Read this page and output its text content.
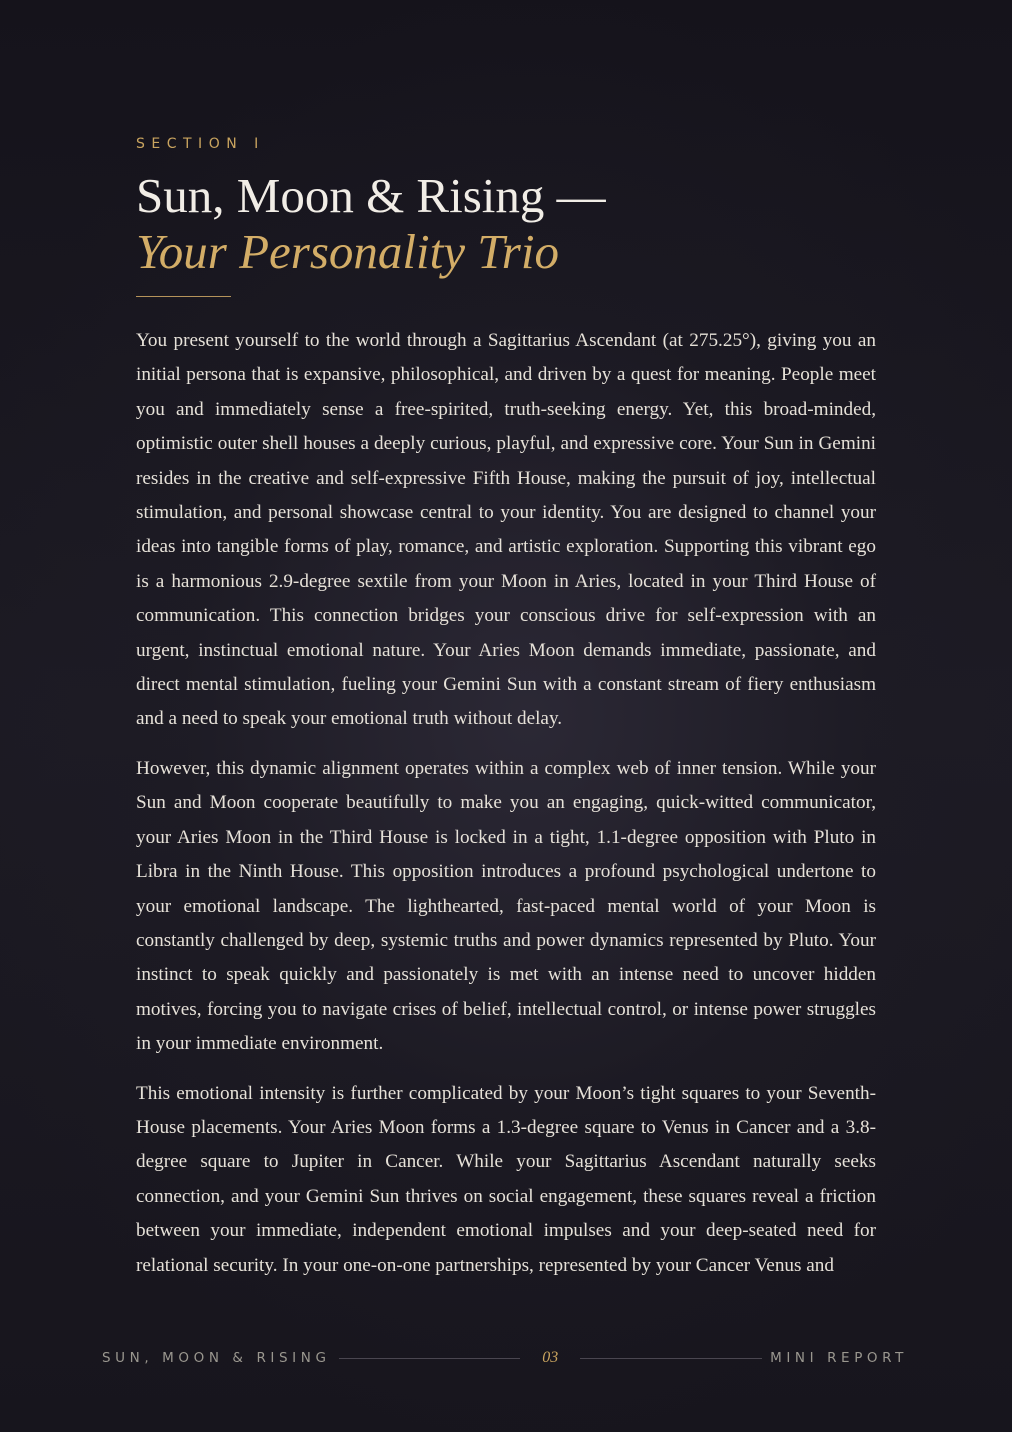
SECTION I
Sun, Moon & Rising —
Your Personality Trio

You present yourself to the world through a Sagittarius Ascendant (at 275.25°), giving you an initial persona that is expansive, philosophical, and driven by a quest for meaning. People meet you and immediately sense a free-spirited, truth-seeking energy. Yet, this broad-minded, optimistic outer shell houses a deeply curious, playful, and expressive core. Your Sun in Gemini resides in the creative and self-expressive Fifth House, making the pursuit of joy, intellectual stimulation, and personal showcase central to your identity. You are designed to channel your ideas into tangible forms of play, romance, and artistic exploration. Supporting this vibrant ego is a harmonious 2.9-degree sextile from your Moon in Aries, located in your Third House of communication. This connection bridges your conscious drive for self-expression with an urgent, instinctual emotional nature. Your Aries Moon demands immediate, passionate, and direct mental stimulation, fueling your Gemini Sun with a constant stream of fiery enthusiasm and a need to speak your emotional truth without delay.

However, this dynamic alignment operates within a complex web of inner tension. While your Sun and Moon cooperate beautifully to make you an engaging, quick-witted communicator, your Aries Moon in the Third House is locked in a tight, 1.1-degree opposition with Pluto in Libra in the Ninth House. This opposition introduces a profound psychological undertone to your emotional landscape. The lighthearted, fast-paced mental world of your Moon is constantly challenged by deep, systemic truths and power dynamics represented by Pluto. Your instinct to speak quickly and passionately is met with an intense need to uncover hidden motives, forcing you to navigate crises of belief, intellectual control, or intense power struggles in your immediate environment.

This emotional intensity is further complicated by your Moon’s tight squares to your Seventh-House placements. Your Aries Moon forms a 1.3-degree square to Venus in Cancer and a 3.8-degree square to Jupiter in Cancer. While your Sagittarius Ascendant naturally seeks connection, and your Gemini Sun thrives on social engagement, these squares reveal a friction between your immediate, independent emotional impulses and your deep-seated need for relational security. In your one-on-one partnerships, represented by your Cancer Venus and

SUN, MOON & RISING	03	MINI REPORT
